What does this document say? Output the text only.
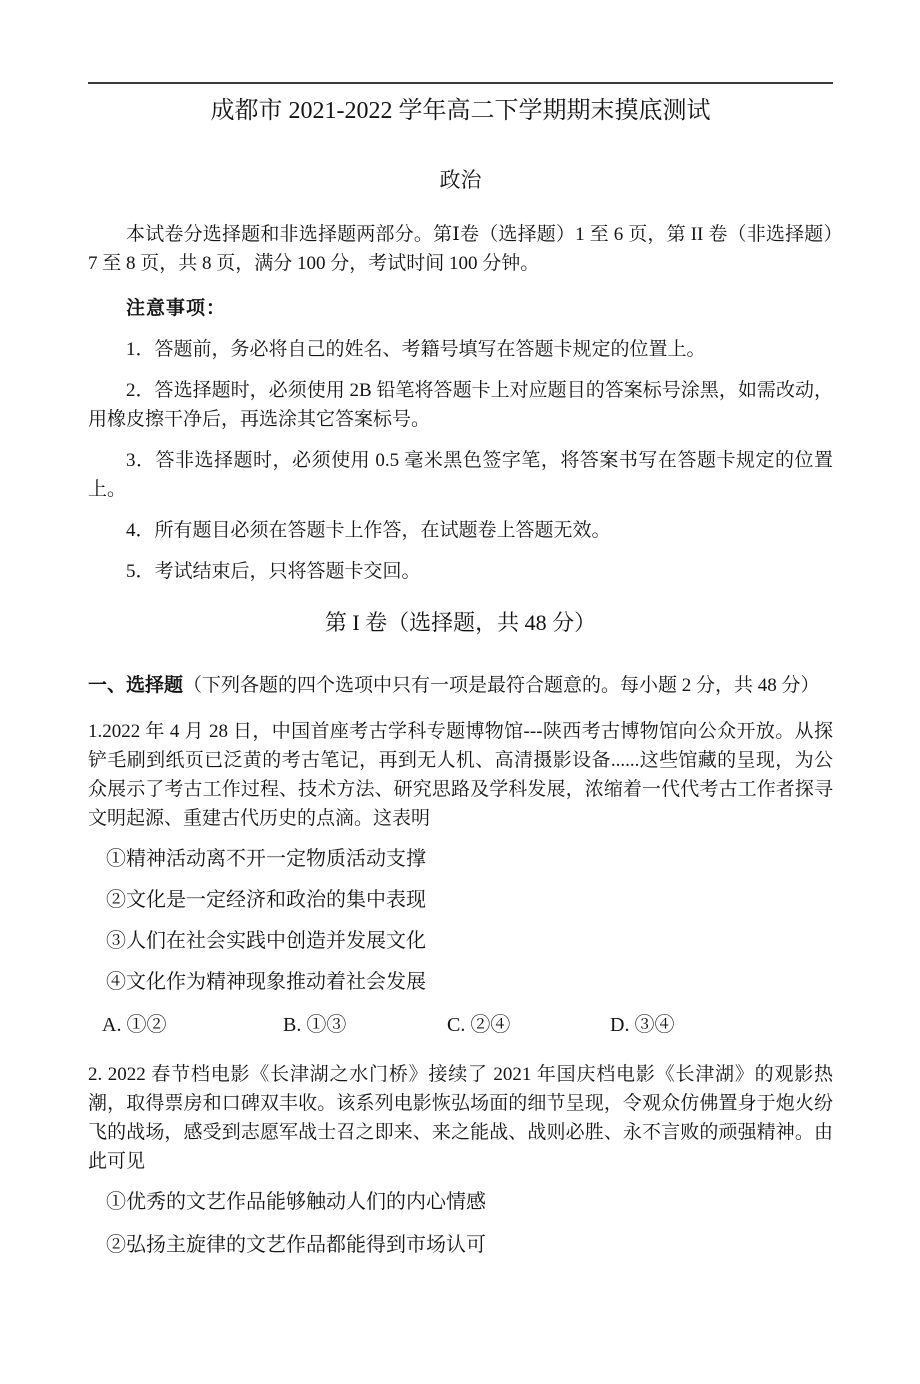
成都市 2021-2022 学年高二下学期期末摸底测试
政治

本试卷分选择题和非选择题两部分。第Ⅰ卷（选择题）1 至 6 页，第 II 卷（非选择题）7 至 8 页，共 8 页，满分 100 分，考试时间 100 分钟。

注意事项：

1．答题前，务必将自己的姓名、考籍号填写在答题卡规定的位置上。

2．答选择题时，必须使用 2B 铅笔将答题卡上对应题目的答案标号涂黑，如需改动，用橡皮擦干净后，再选涂其它答案标号。

3．答非选择题时，必须使用 0.5 毫米黑色签字笔，将答案书写在答题卡规定的位置上。

4．所有题目必须在答题卡上作答，在试题卷上答题无效。

5．考试结束后，只将答题卡交回。

第 I 卷（选择题，共 48 分）

一、选择题（下列各题的四个选项中只有一项是最符合题意的。每小题 2 分，共 48 分）

1.2022 年 4 月 28 日，中国首座考古学科专题博物馆---陕西考古博物馆向公众开放。从探铲毛刷到纸页已泛黄的考古笔记，再到无人机、高清摄影设备......这些馆藏的呈现，为公众展示了考古工作过程、技术方法、研究思路及学科发展，浓缩着一代代考古工作者探寻文明起源、重建古代历史的点滴。这表明

①精神活动离不开一定物质活动支撑

②文化是一定经济和政治的集中表现

③人们在社会实践中创造并发展文化

④文化作为精神现象推动着社会发展

A. ①②	B. ①③	C. ②④	D. ③④

2. 2022 春节档电影《长津湖之水门桥》接续了 2021 年国庆档电影《长津湖》的观影热潮，取得票房和口碑双丰收。该系列电影恢弘场面的细节呈现，令观众仿佛置身于炮火纷飞的战场，感受到志愿军战士召之即来、来之能战、战则必胜、永不言败的顽强精神。由此可见

①优秀的文艺作品能够触动人们的内心情感

②弘扬主旋律的文艺作品都能得到市场认可
